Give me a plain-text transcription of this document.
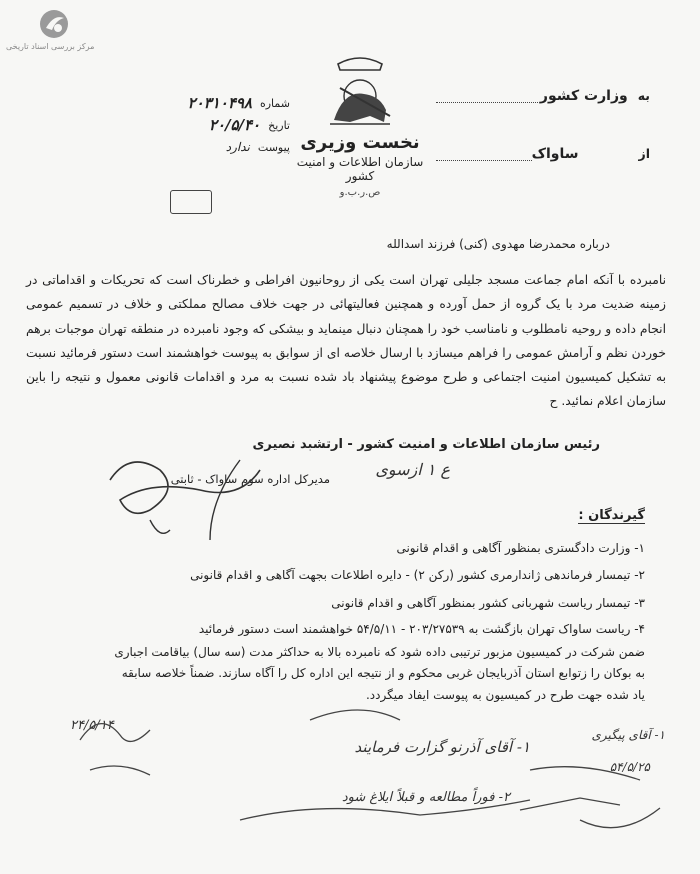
مرکز بررسی اسناد تاریخی
به
وزارت کشور
از
ساواک
۲۰۳۱۰۴۹۸ شماره
۲۰/۵/۴۰ تاریخ
ندارد پیوست نخست وزیری
سازمان اطلاعات و امنیت کشور
ص.ر.ب.و
درباره محمدرضا مهدوی (کنی) فرزند اسدالله
نامبرده با آنکه امام جماعت مسجد جلیلی تهران است یکی از روحانیون افراطی و خطرناک است که تحریکات و اقداماتی در زمینه ضدیت مرد با یک گروه از حمل آورده و همچنین فعالیتهائی در جهت خلاف مصالح مملکتی و خلاف در تسمیم عمومی انجام داده و روحیه نامطلوب و نامناسب خود را همچنان دنبال مینماید و بیشکی که وجود نامبرده در منطقه تهران موجبات برهم خوردن نظم و آرامش عمومی را فراهم میسازد با ارسال خلاصه ای از سوابق به پیوست خواهشمند است دستور فرمائید نسبت به تشکیل کمیسیون امنیت اجتماعی و طرح موضوع پیشنهاد باد شده نسبت به مرد و اقدامات قانونی معمول و نتیجه را باین سازمان اعلام نمائید. ح
رئیس سازمان اطلاعات و امنیت کشور - ارتشبد نصیری
ع ۱ ازسوی
مدیرکل اداره سوم ساواک - ثابتی
گیرندگان :
۱- وزارت دادگستری بمنظور آگاهی و اقدام قانونی
۲- تیمسار فرماندهی ژاندارمری کشور (رکن ۲) - دایره اطلاعات بجهت آگاهی و اقدام قانونی
۳- تیمسار ریاست شهربانی کشور بمنظور آگاهی و اقدام قانونی
۴- ریاست ساواک تهران بازگشت به ۲۰۳/۲۷۵۳۹ - ۵۴/۵/۱۱ خواهشمند است دستور فرمائید
ضمن شرکت در کمیسیون مزبور ترتیبی داده شود که نامبرده بالا به حداکثر مدت (سه سال) بیاقامت اجباری
به بوکان را زتوابع استان آذربایجان غربی محکوم و از نتیجه این اداره کل را آگاه سازند. ضمناً خلاصه سابقه
یاد شده جهت طرح در کمیسیون به پیوست ایفاد میگردد.
۱- آقای آذرنو گزارت فرمایند
۲- فوراً مطالعه و قبلاً ایلاغ شود
۲۴/۵/۱۴
۱- آقای پیگیری
۵۴/۵/۲۵
